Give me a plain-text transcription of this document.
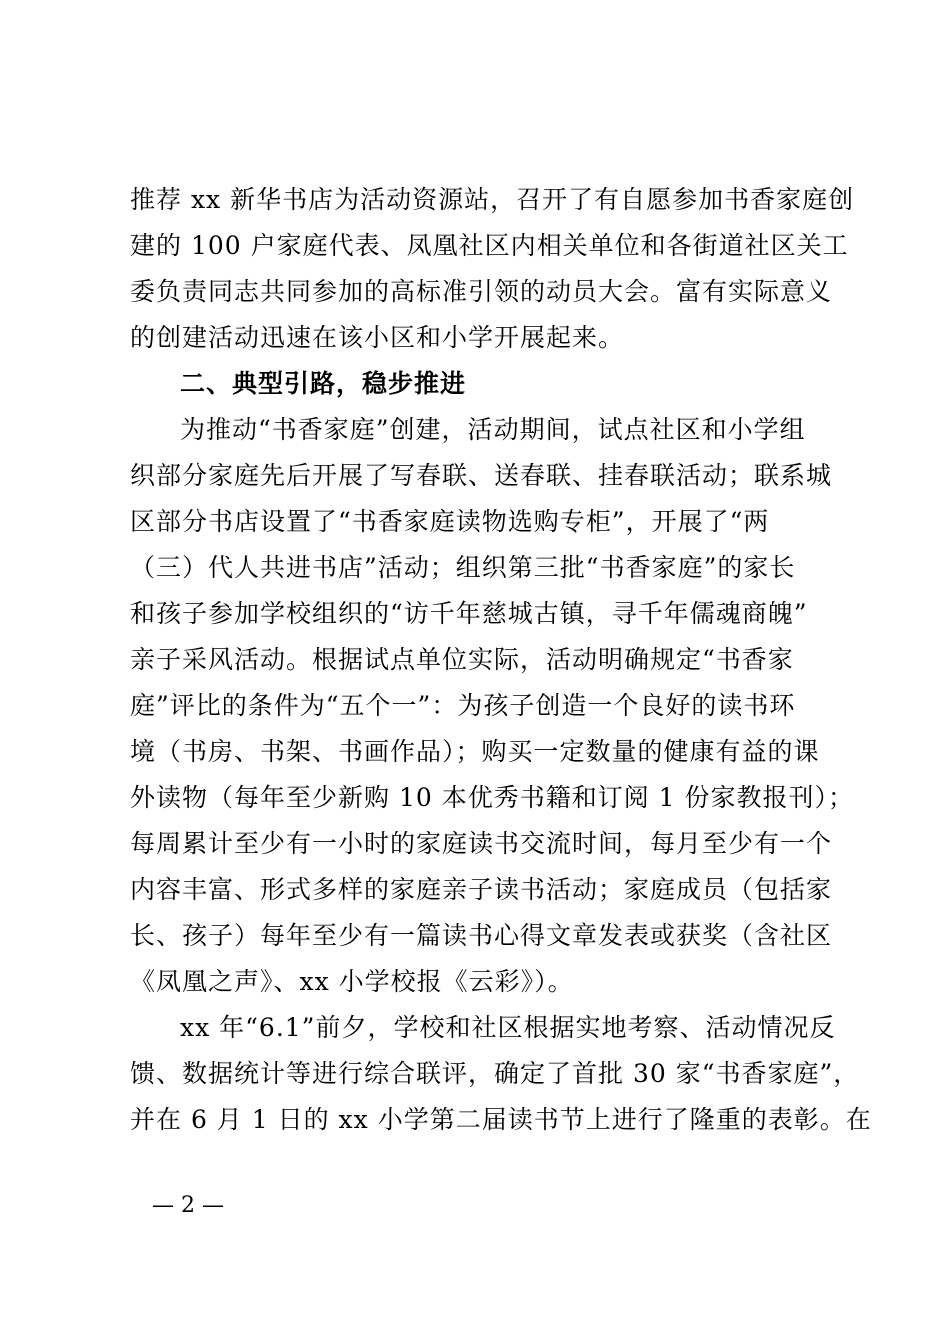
推荐 xx 新华书店为活动资源站，召开了有自愿参加书香家庭创
建的 100 户家庭代表、凤凰社区内相关单位和各街道社区关工
委负责同志共同参加的高标准引领的动员大会。富有实际意义
的创建活动迅速在该小区和小学开展起来。
二、典型引路，稳步推进
为推动“书香家庭”创建，活动期间，试点社区和小学组
织部分家庭先后开展了写春联、送春联、挂春联活动；联系城
区部分书店设置了“书香家庭读物选购专柜”，开展了“两
（三）代人共进书店”活动；组织第三批“书香家庭”的家长
和孩子参加学校组织的“访千年慈城古镇，寻千年儒魂商魄”
亲子采风活动。根据试点单位实际，活动明确规定“书香家
庭”评比的条件为“五个一”：为孩子创造一个良好的读书环
境（书房、书架、书画作品）；购买一定数量的健康有益的课
外读物（每年至少新购 10 本优秀书籍和订阅 1 份家教报刊）；
每周累计至少有一小时的家庭读书交流时间，每月至少有一个
内容丰富、形式多样的家庭亲子读书活动；家庭成员（包括家
长、孩子）每年至少有一篇读书心得文章发表或获奖（含社区
《凤凰之声》、xx 小学校报《云彩》）。
xx 年“6.1”前夕，学校和社区根据实地考察、活动情况反
馈、数据统计等进行综合联评，确定了首批 30 家“书香家庭”，
并在 6 月 1 日的 xx 小学第二届读书节上进行了隆重的表彰。在
— 2 —
